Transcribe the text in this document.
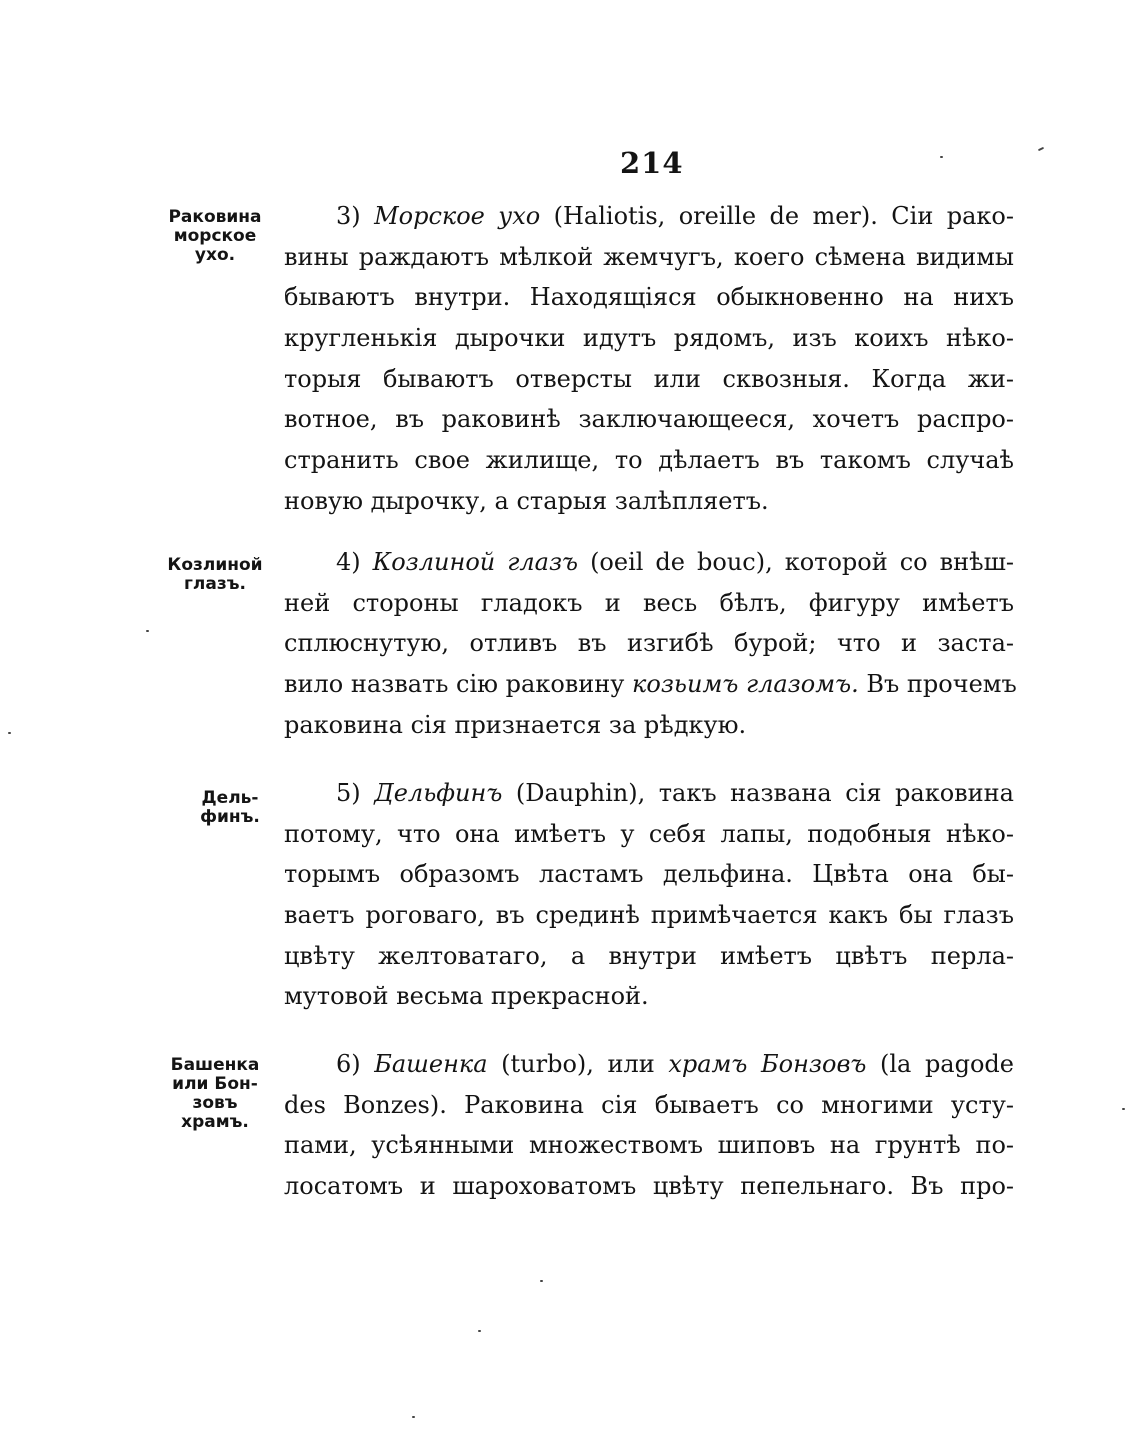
214
Раковина
морское
ухо.
3) Морское ухо (Haliotis, oreille de mer). Сіи рако-
вины раждаютъ мѣлкой жемчугъ, коего сѣмена видимы
бываютъ внутри. Находящіяся обыкновенно на нихъ
кругленькія дырочки идутъ рядомъ, изъ коихъ нѣко-
торыя бываютъ отверсты или сквозныя. Когда жи-
вотное, въ раковинѣ заключающееся, хочетъ распро-
странить свое жилище, то дѣлаетъ въ такомъ случаѣ
новую дырочку, а старыя залѣпляетъ.
Козлиной
глазъ.
4) Козлиной глазъ (oeil de bouc), которой со внѣш-
ней стороны гладокъ и весь бѣлъ, фигуру имѣетъ
сплюснутую, отливъ въ изгибѣ бурой; что и заста-
вило назвать сію раковину козьимъ глазомъ. Въ прочемъ
раковина сія признается за рѣдкую.
Дель-
финъ.
5) Дельфинъ (Dauphin), такъ названа сія раковина
потому, что она имѣетъ у себя лапы, подобныя нѣко-
торымъ образомъ ластамъ дельфина. Цвѣта она бы-
ваетъ роговаго, въ срединѣ примѣчается какъ бы глазъ
цвѣту желтоватаго, а внутри имѣетъ цвѣтъ перла-
мутовой весьма прекрасной.
Башенка
или Бон-
зовъ
храмъ.
6) Башенка (turbo), или храмъ Бонзовъ (la pagode
des Bonzes). Раковина сія бываетъ со многими усту-
пами, усѣянными множествомъ шиповъ на грунтѣ по-
лосатомъ и шароховатомъ цвѣту пепельнаго. Въ про-
